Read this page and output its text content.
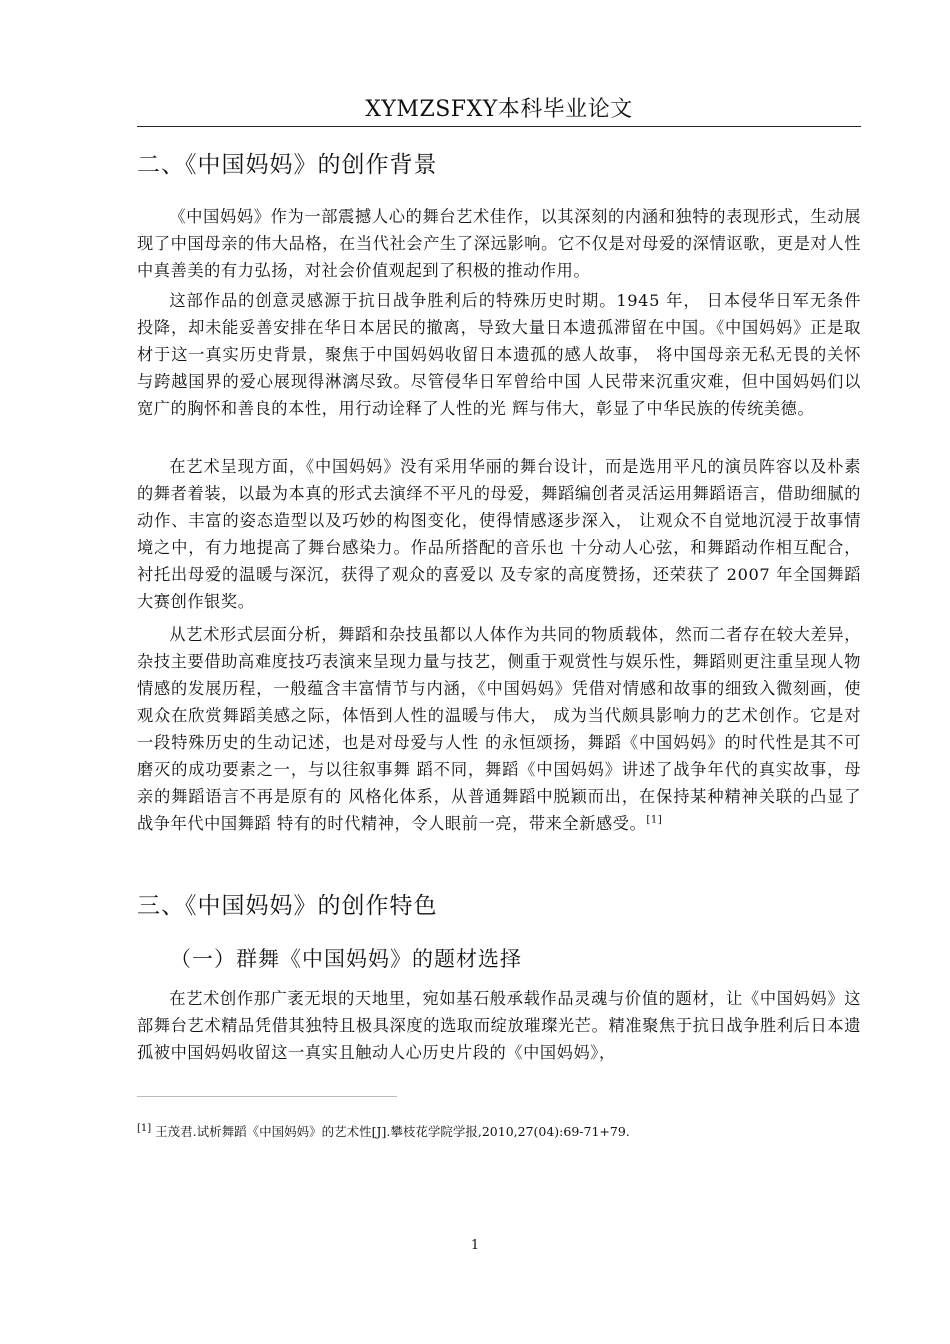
XYMZSFXY本科毕业论文
二、《中国妈妈》的创作背景

《中国妈妈》作为一部震撼人心的舞台艺术佳作，以其深刻的内涵和独特的表现形式，生动展现了中国母亲的伟大品格，在当代社会产生了深远影响。它不仅是对母爱的深情讴歌，更是对人性中真善美的有力弘扬，对社会价值观起到了积极的推动作用。

这部作品的创意灵感源于抗日战争胜利后的特殊历史时期。1945 年， 日本侵华日军无条件投降，却未能妥善安排在华日本居民的撤离，导致大量日本遗孤滞留在中国。《中国妈妈》正是取材于这一真实历史背景，聚焦于中国妈妈收留日本遗孤的感人故事， 将中国母亲无私无畏的关怀与跨越国界的爱心展现得淋漓尽致。尽管侵华日军曾给中国 人民带来沉重灾难，但中国妈妈们以宽广的胸怀和善良的本性，用行动诠释了人性的光 辉与伟大，彰显了中华民族的传统美德。

在艺术呈现方面，《中国妈妈》没有采用华丽的舞台设计，而是选用平凡的演员阵容以及朴素的舞者着装，以最为本真的形式去演绎不平凡的母爱，舞蹈编创者灵活运用舞蹈语言，借助细腻的动作、丰富的姿态造型以及巧妙的构图变化，使得情感逐步深入， 让观众不自觉地沉浸于故事情境之中，有力地提高了舞台感染力。作品所搭配的音乐也 十分动人心弦，和舞蹈动作相互配合，衬托出母爱的温暖与深沉，获得了观众的喜爱以 及专家的高度赞扬，还荣获了 2007 年全国舞蹈大赛创作银奖。

从艺术形式层面分析，舞蹈和杂技虽都以人体作为共同的物质载体，然而二者存在较大差异，杂技主要借助高难度技巧表演来呈现力量与技艺，侧重于观赏性与娱乐性，舞蹈则更注重呈现人物情感的发展历程，一般蕴含丰富情节与内涵，《中国妈妈》凭借对情感和故事的细致入微刻画，使观众在欣赏舞蹈美感之际，体悟到人性的温暖与伟大， 成为当代颇具影响力的艺术创作。它是对一段特殊历史的生动记述，也是对母爱与人性 的永恒颂扬，舞蹈《中国妈妈》的时代性是其不可磨灭的成功要素之一，与以往叙事舞 蹈不同，舞蹈《中国妈妈》讲述了战争年代的真实故事，母亲的舞蹈语言不再是原有的 风格化体系，从普通舞蹈中脱颖而出，在保持某种精神关联的凸显了战争年代中国舞蹈 特有的时代精神，令人眼前一亮，带来全新感受。[1]

三、《中国妈妈》的创作特色
（一）群舞《中国妈妈》的题材选择

在艺术创作那广袤无垠的天地里，宛如基石般承载作品灵魂与价值的题材，让《中国妈妈》这部舞台艺术精品凭借其独特且极具深度的选取而绽放璀璨光芒。精准聚焦于抗日战争胜利后日本遗孤被中国妈妈收留这一真实且触动人心历史片段的《中国妈妈》，

[1] 王茂君.试析舞蹈《中国妈妈》的艺术性[J].攀枝花学院学报,2010,27(04):69-71+79.
1
